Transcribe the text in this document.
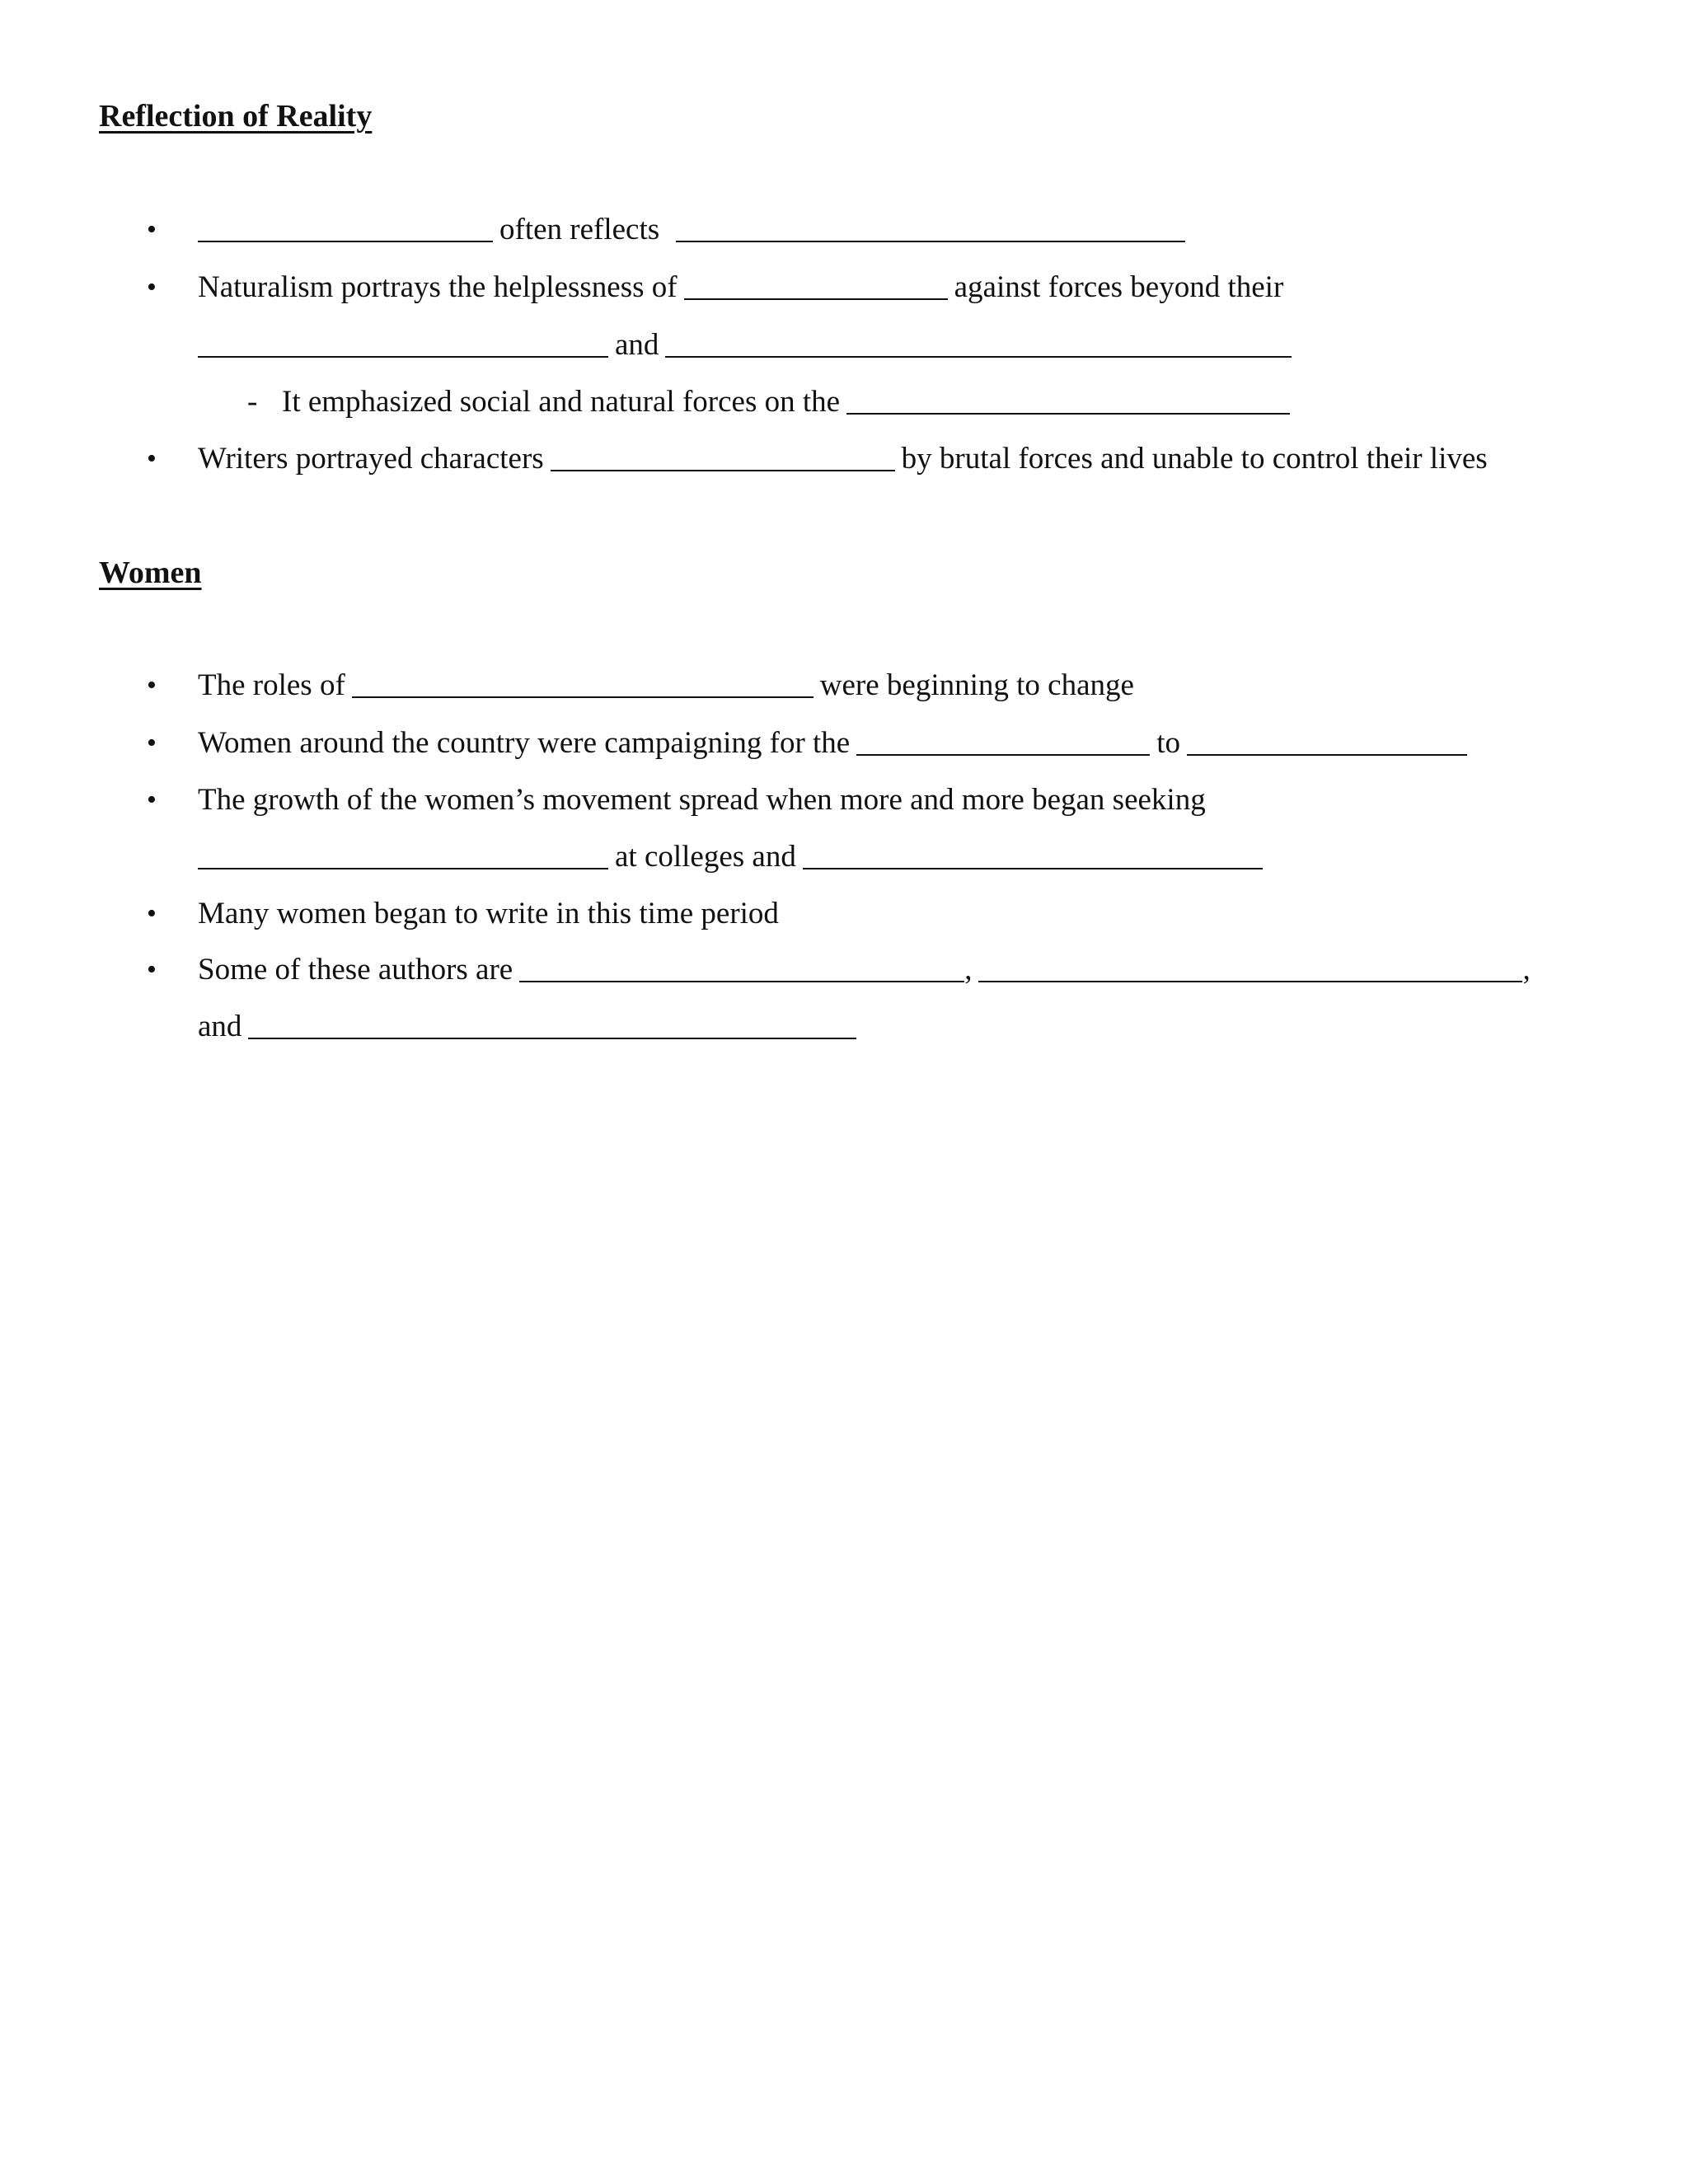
Reflection of Reality
•	often reflects
• Naturalism portrays the helplessness of	against forces beyond their
and
- It emphasized social and natural forces on the
• Writers portrayed characters	by brutal forces and unable to control their lives
Women
• The roles of	were beginning to change
• Women around the country were campaigning for the	to
• The growth of the women’s movement spread when more and more began seeking
at colleges and
• Many women began to write in this time period
• Some of these authors are	,	,
and
